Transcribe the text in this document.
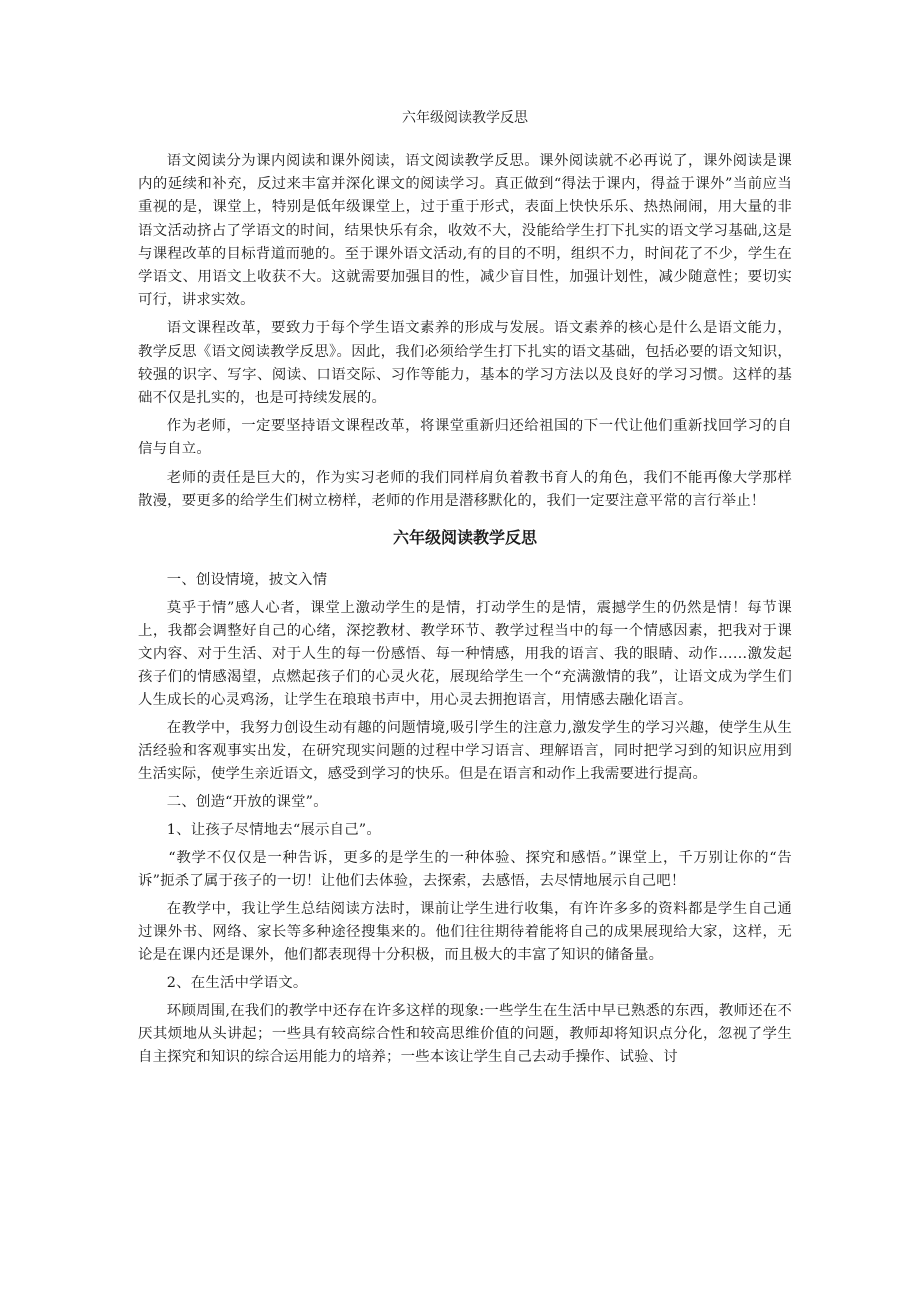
六年级阅读教学反思

语文阅读分为课内阅读和课外阅读，语文阅读教学反思。课外阅读就不必再说了，课外阅读是课内的延续和补充，反过来丰富并深化课文的阅读学习。真正做到“得法于课内，得益于课外”当前应当重视的是，课堂上，特别是低年级课堂上，过于重于形式，表面上快快乐乐、热热闹闹，用大量的非语文活动挤占了学语文的时间，结果快乐有余，收效不大，没能给学生打下扎实的语文学习基础,这是与课程改革的目标背道而驰的。至于课外语文活动,有的目的不明，组织不力，时间花了不少，学生在学语文、用语文上收获不大。这就需要加强目的性，减少盲目性，加强计划性，减少随意性；要切实可行，讲求实效。

语文课程改革，要致力于每个学生语文素养的形成与发展。语文素养的核心是什么是语文能力，教学反思《语文阅读教学反思》。因此，我们必须给学生打下扎实的语文基础，包括必要的语文知识，较强的识字、写字、阅读、口语交际、习作等能力，基本的学习方法以及良好的学习习惯。这样的基础不仅是扎实的，也是可持续发展的。

作为老师，一定要坚持语文课程改革，将课堂重新归还给祖国的下一代让他们重新找回学习的自信与自立。

老师的责任是巨大的，作为实习老师的我们同样肩负着教书育人的角色，我们不能再像大学那样散漫，要更多的给学生们树立榜样，老师的作用是潜移默化的，我们一定要注意平常的言行举止！

六年级阅读教学反思

一、创设情境，披文入情

莫乎于情”感人心者，课堂上激动学生的是情，打动学生的是情，震撼学生的仍然是情！每节课上，我都会调整好自己的心绪，深挖教材、教学环节、教学过程当中的每一个情感因素，把我对于课文内容、对于生活、对于人生的每一份感悟、每一种情感，用我的语言、我的眼睛、动作……激发起孩子们的情感渴望，点燃起孩子们的心灵火花，展现给学生一个“充满激情的我”，让语文成为学生们人生成长的心灵鸡汤，让学生在琅琅书声中，用心灵去拥抱语言，用情感去融化语言。

在教学中，我努力创设生动有趣的问题情境,吸引学生的注意力,激发学生的学习兴趣，使学生从生活经验和客观事实出发，在研究现实问题的过程中学习语言、理解语言，同时把学习到的知识应用到生活实际，使学生亲近语文，感受到学习的快乐。但是在语言和动作上我需要进行提高。

二、创造“开放的课堂”。

1、让孩子尽情地去“展示自己”。

“教学不仅仅是一种告诉，更多的是学生的一种体验、探究和感悟。”课堂上，千万别让你的“告诉”扼杀了属于孩子的一切！让他们去体验，去探索，去感悟，去尽情地展示自己吧！

在教学中，我让学生总结阅读方法时，课前让学生进行收集，有许许多多的资料都是学生自己通过课外书、网络、家长等多种途径搜集来的。他们往往期待着能将自己的成果展现给大家，这样，无论是在课内还是课外，他们都表现得十分积极，而且极大的丰富了知识的储备量。

2、在生活中学语文。

环顾周围,在我们的教学中还存在许多这样的现象:一些学生在生活中早已熟悉的东西，教师还在不厌其烦地从头讲起；一些具有较高综合性和较高思维价值的问题，教师却将知识点分化，忽视了学生自主探究和知识的综合运用能力的培养；一些本该让学生自己去动手操作、试验、讨
